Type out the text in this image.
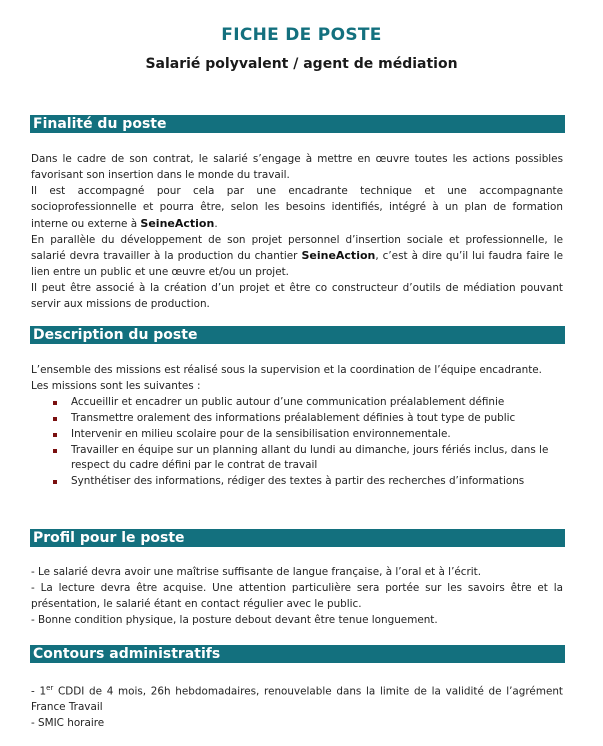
FICHE DE POSTE
Salarié polyvalent / agent de médiation
Finalité du poste

Dans le cadre de son contrat, le salarié s’engage à mettre en œuvre toutes les actions possibles favorisant son insertion dans le monde du travail.

Il est accompagné pour cela par une encadrante technique et une accompagnante socioprofessionnelle et pourra être, selon les besoins identifiés, intégré à un plan de formation interne ou externe à SeineAction.

En parallèle du développement de son projet personnel d’insertion sociale et professionnelle, le salarié devra travailler à la production du chantier SeineAction, c’est à dire qu’il lui faudra faire le lien entre un public et une œuvre et/ou un projet.

Il peut être associé à la création d’un projet et être co constructeur d’outils de médiation pouvant servir aux missions de production.

Description du poste

L’ensemble des missions est réalisé sous la supervision et la coordination de l’équipe encadrante.

Les missions sont les suivantes :

Accueillir et encadrer un public autour d’une communication préalablement définie
Transmettre oralement des informations préalablement définies à tout type de public
Intervenir en milieu scolaire pour de la sensibilisation environnementale.
Travailler en équipe sur un planning allant du lundi au dimanche, jours fériés inclus, dans le respect du cadre défini par le contrat de travail
Synthétiser des informations, rédiger des textes à partir des recherches d’informations
Profil pour le poste

- Le salarié devra avoir une maîtrise suffisante de langue française, à l’oral et à l’écrit.

- La lecture devra être acquise. Une attention particulière sera portée sur les savoirs être et la présentation, le salarié étant en contact régulier avec le public.

- Bonne condition physique, la posture debout devant être tenue longuement.

Contours administratifs

- 1er CDDI de 4 mois, 26h hebdomadaires, renouvelable dans la limite de la validité de l’agrément France Travail

- SMIC horaire
